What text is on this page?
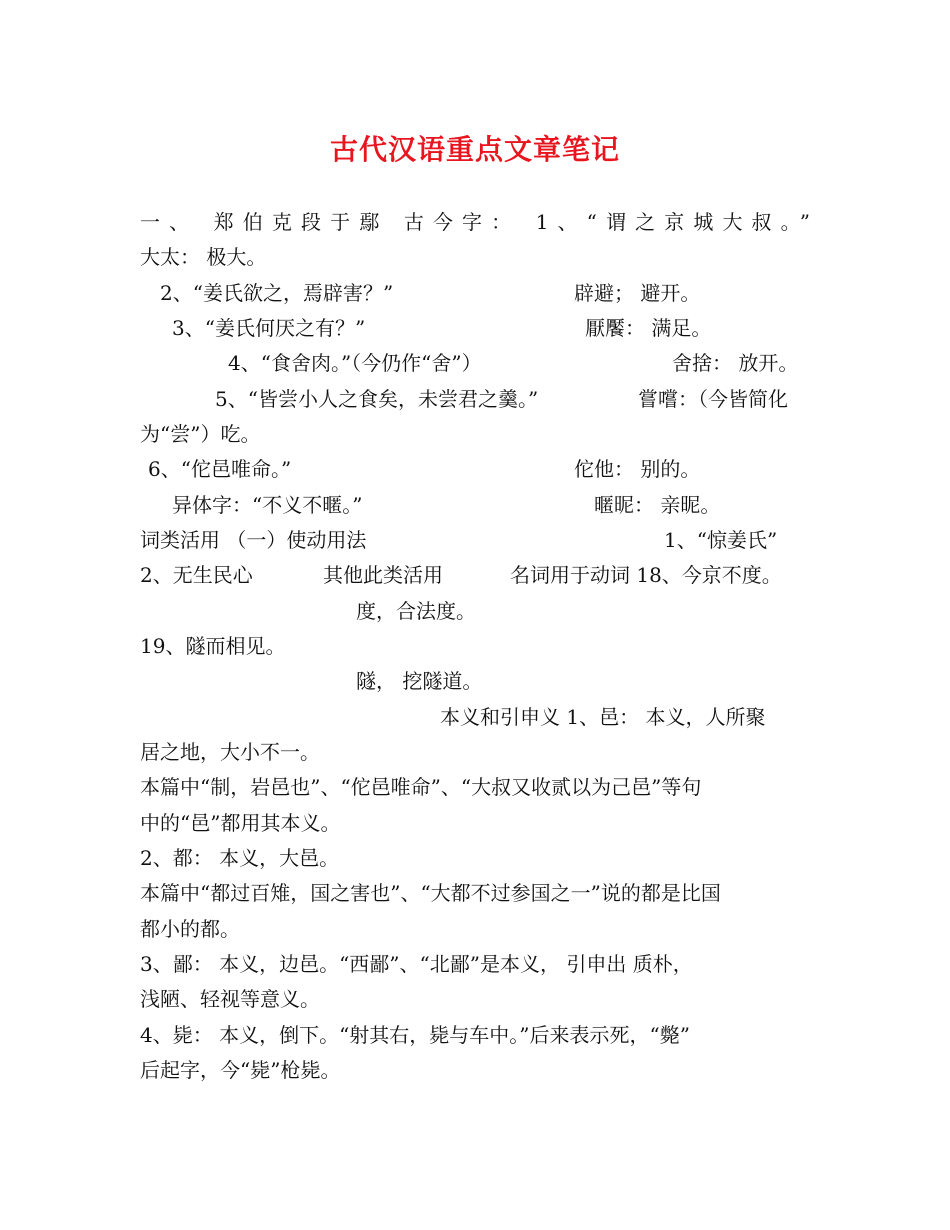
古代汉语重点文章笔记
一、 郑伯克段于鄢 古今字： 1、“谓之京城大叔。”
大太： 极大。
2、“姜氏欲之，焉辟害？”	辟避； 避开。
3、“姜氏何厌之有？”	厭饜： 满足。
4、“食舍肉。”（今仍作“舍”）	舍捨： 放开。
5、“皆尝小人之食矣，未尝君之羹。”	嘗嚐：（今皆简化
为“尝”）吃。
6、“佗邑唯命。”	佗他： 别的。
异体字：“不义不暱。”	暱昵： 亲昵。
词类活用 （一）使动用法	1、“惊姜氏”
2、无生民心	其他此类活用	名词用于动词 18、今京不度。
度，合法度。
19、隧而相见。
隧， 挖隧道。
本义和引申义 1、邑： 本义，人所聚
居之地，大小不一。
本篇中“制，岩邑也”、“佗邑唯命”、“大叔又收贰以为己邑”等句
中的“邑”都用其本义。
2、都： 本义，大邑。
本篇中“都过百雉，国之害也”、“大都不过参国之一”说的都是比国
都小的都。
3、鄙： 本义，边邑。“西鄙”、“北鄙”是本义， 引申出 质朴，
浅陋、轻视等意义。
4、毙： 本义，倒下。“射其右，毙与车中。”后来表示死，“斃”
后起字，今“毙”枪毙。
